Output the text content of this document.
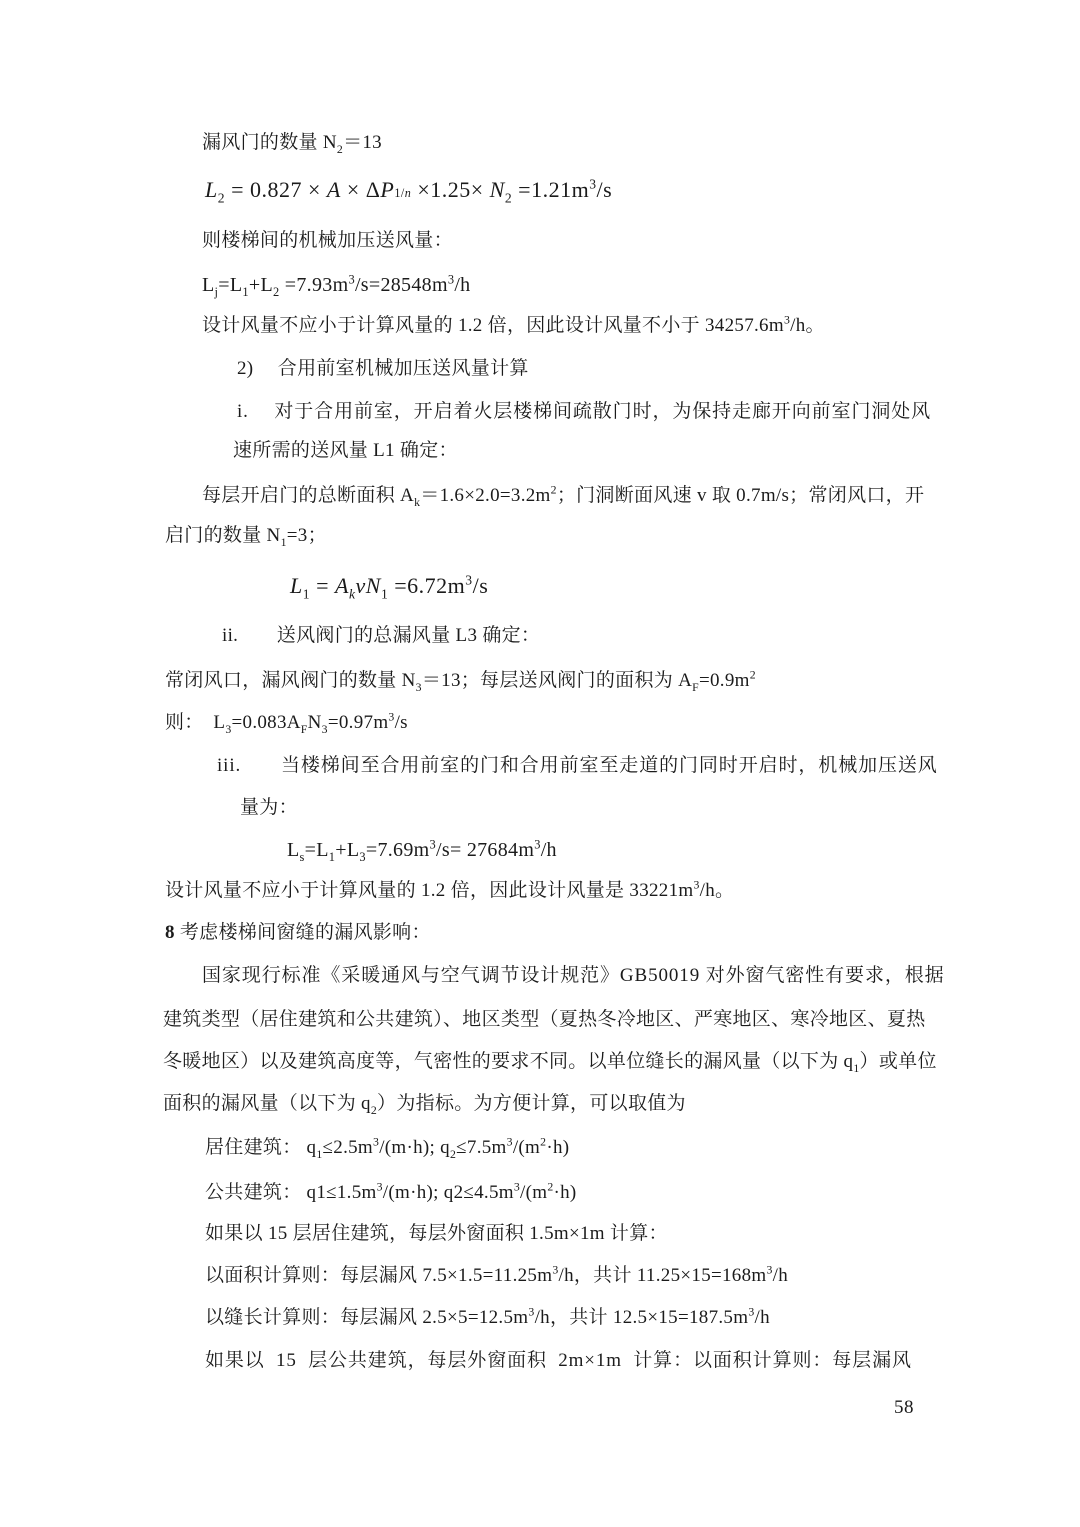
漏风门的数量 $N_2=13$
$L_2 = 0.827 \times A \times \Delta P^{1/n} \times 1.25\times N_2 =1.21m^3/s$
则楼梯间的机械加压送风量：
$L_j=L_1+L_2 =7.93m^3/s=28548m^3/h$
设计风量不应小于计算风量的 1.2 倍，因此设计风量不小于 $34257.6m^3/h$。
2)　 合用前室机械加压送风量计算
i.　 对于合用前室，开启着火层楼梯间疏散门时，为保持走廊开向前室门洞处风
速所需的送风量 L1 确定：
每层开启门的总断面积 $A_k=1.6\times 2.0=3.2m^2$；门洞断面风速 v 取 0.7m/s；常闭风口，开
启门的数量 $N_1=3$；
$L_1 = A_kvN_1 =6.72m^3/s$
ii.　　送风阀门的总漏风量 L3 确定：
常闭风口，漏风阀门的数量 $N_3=13$；每层送风阀门的面积为 $A_F=0.9m^2$
则：　$L_3=0.083A_FN_3=0.97m^3/s$
iii.　　当楼梯间至合用前室的门和合用前室至走道的门同时开启时，机械加压送风
量为：
$L_s=L_1+L_3=7.69m^3/s= 27684m^3/h$
设计风量不应小于计算风量的 1.2 倍，因此设计风量是 $33221m^3/h$。
8 考虑楼梯间窗缝的漏风影响：
国家现行标准《采暖通风与空气调节设计规范》GB50019 对外窗气密性有要求，根据
建筑类型（居住建筑和公共建筑）、地区类型（夏热冬冷地区、严寒地区、寒冷地区、夏热
冬暖地区）以及建筑高度等，气密性的要求不同。以单位缝长的漏风量（以下为 $q_1$）或单位
面积的漏风量（以下为 $q_2$）为指标。为方便计算，可以取值为
居住建筑： $q_1\le 2.5m^3/(m\cdot h)$; $q_2\le 7.5m^3/(m^2\cdot h)$
公共建筑： $q1\le 1.5m^3/(m\cdot h)$; $q2\le 4.5m^3/(m^2\cdot h)$
如果以 15 层居住建筑，每层外窗面积 1.5m×1m 计算：
以面积计算则：每层漏风 $7.5\times 1.5=11.25m^3/h$，共计 $11.25\times 15=168m^3/h$
以缝长计算则：每层漏风 $2.5\times 5=12.5m^3/h$，共计 $12.5\times 15=187.5m^3/h$
如果以  15  层公共建筑，每层外窗面积  2m×1m  计算：以面积计算则：每层漏风
58
